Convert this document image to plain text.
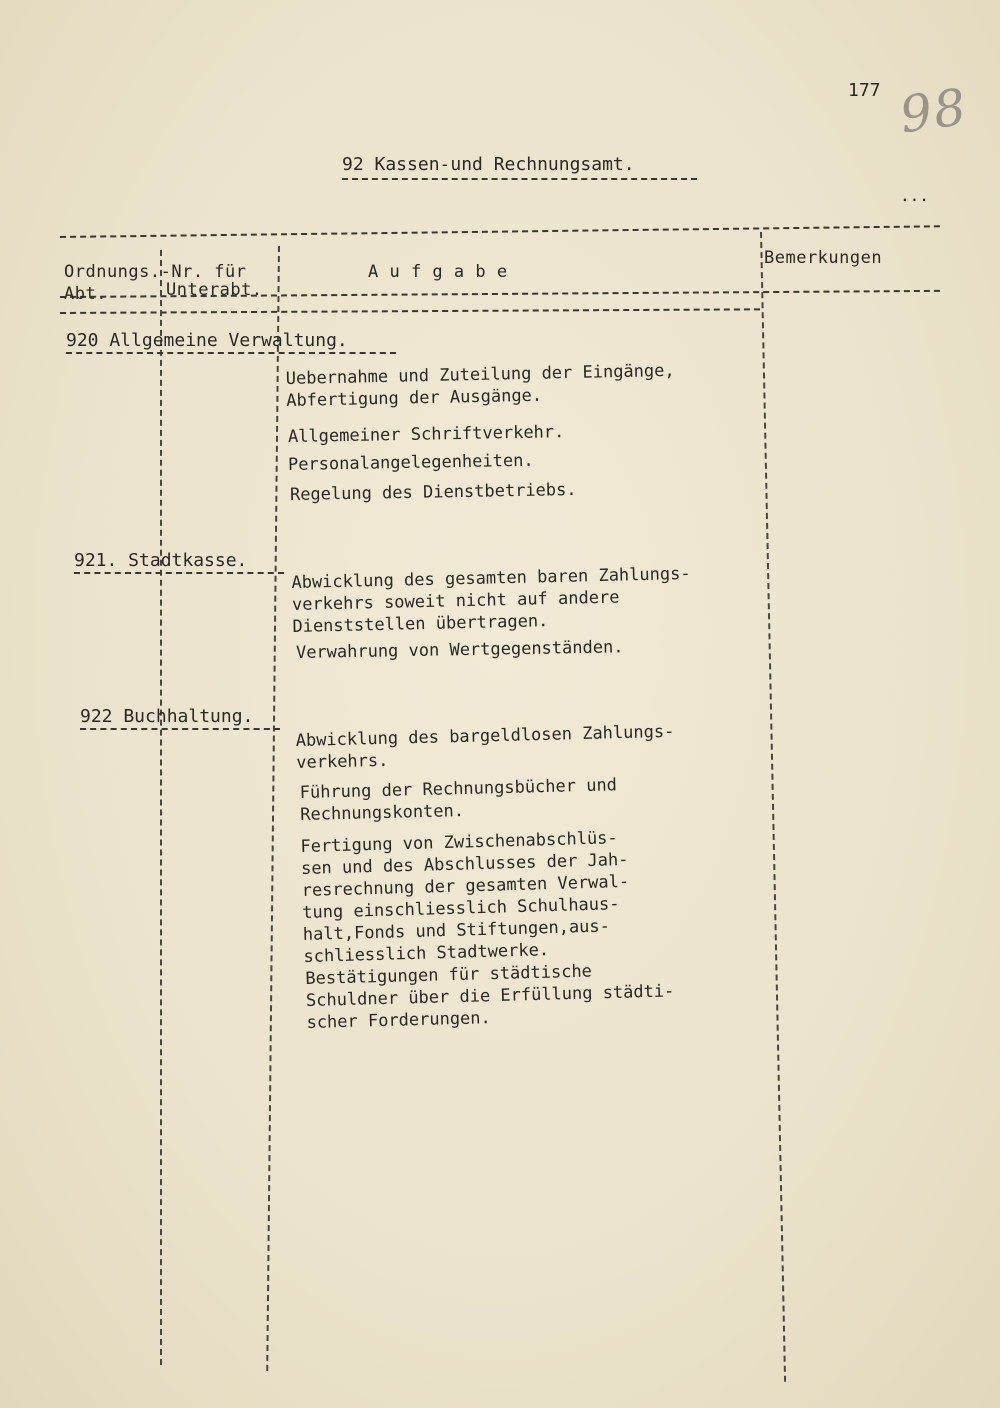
177 98
...
92 Kassen-und Rechnungsamt.
Ordnungs.-Nr. für
Abt.	Unterabt.
A u f g a b e
Bemerkungen
920 Allgemeine Verwaltung.
Uebernahme und Zuteilung der Eingänge,
Abfertigung der Ausgänge.
Allgemeiner Schriftverkehr.
Personalangelegenheiten.
Regelung des Dienstbetriebs.
921. Stadtkasse.
Abwicklung des gesamten baren Zahlungs-
verkehrs soweit nicht auf andere
Dienststellen übertragen.
Verwahrung von Wertgegenständen.
922 Buchhaltung.
Abwicklung des bargeldlosen Zahlungs-
verkehrs.
Führung der Rechnungsbücher und
Rechnungskonten.
Fertigung von Zwischenabschlüs-
sen und des Abschlusses der Jah-
resrechnung der gesamten Verwal-
tung einschliesslich Schulhaus-
halt,Fonds und Stiftungen,aus-
schliesslich Stadtwerke.
Bestätigungen für städtische
Schuldner über die Erfüllung städti-
scher Forderungen.
